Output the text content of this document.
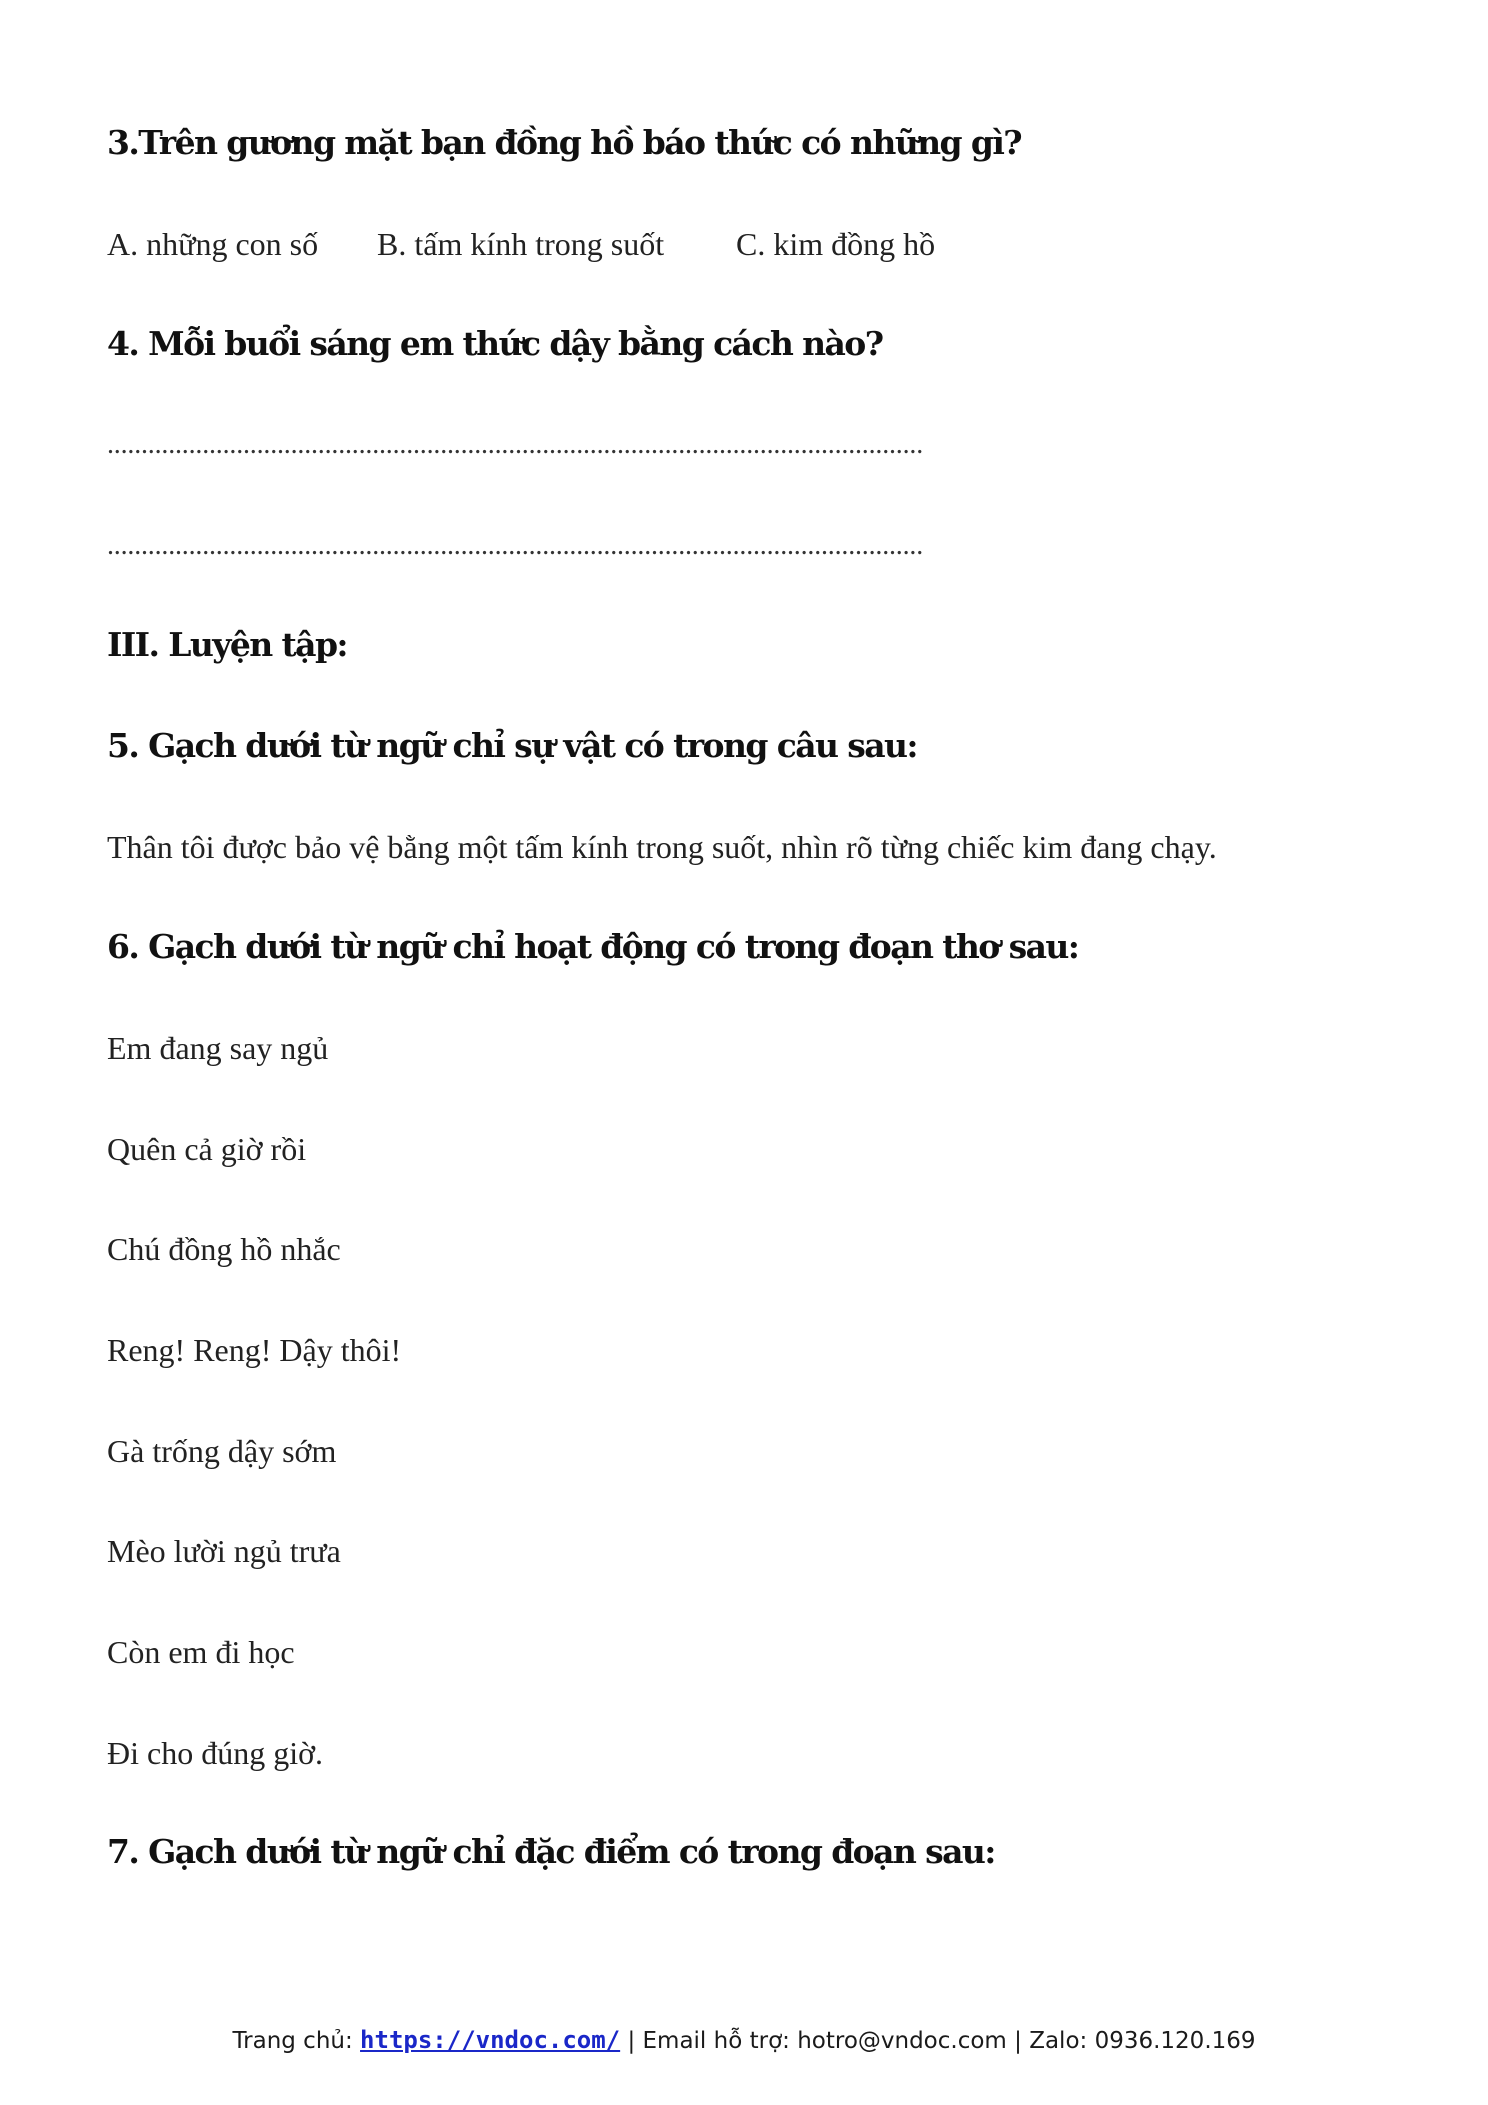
3.Trên gương mặt bạn đồng hồ báo thức có những gì?
A. những con số B. tấm kính trong suốt C. kim đồng hồ
4. Mỗi buổi sáng em thức dậy bằng cách nào?
........................................................................................................................
........................................................................................................................
III. Luyện tập:
5. Gạch dưới từ ngữ chỉ sự vật có trong câu sau:
Thân tôi được bảo vệ bằng một tấm kính trong suốt, nhìn rõ từng chiếc kim đang chạy.
6. Gạch dưới từ ngữ chỉ hoạt động có trong đoạn thơ sau:
Em đang say ngủ
Quên cả giờ rồi
Chú đồng hồ nhắc
Reng! Reng! Dậy thôi!
Gà trống dậy sớm
Mèo lười ngủ trưa
Còn em đi học
Đi cho đúng giờ.
7. Gạch dưới từ ngữ chỉ đặc điểm có trong đoạn sau:
Trang chủ: https://vndoc.com/ | Email hỗ trợ: hotro@vndoc.com | Zalo: 0936.120.169
